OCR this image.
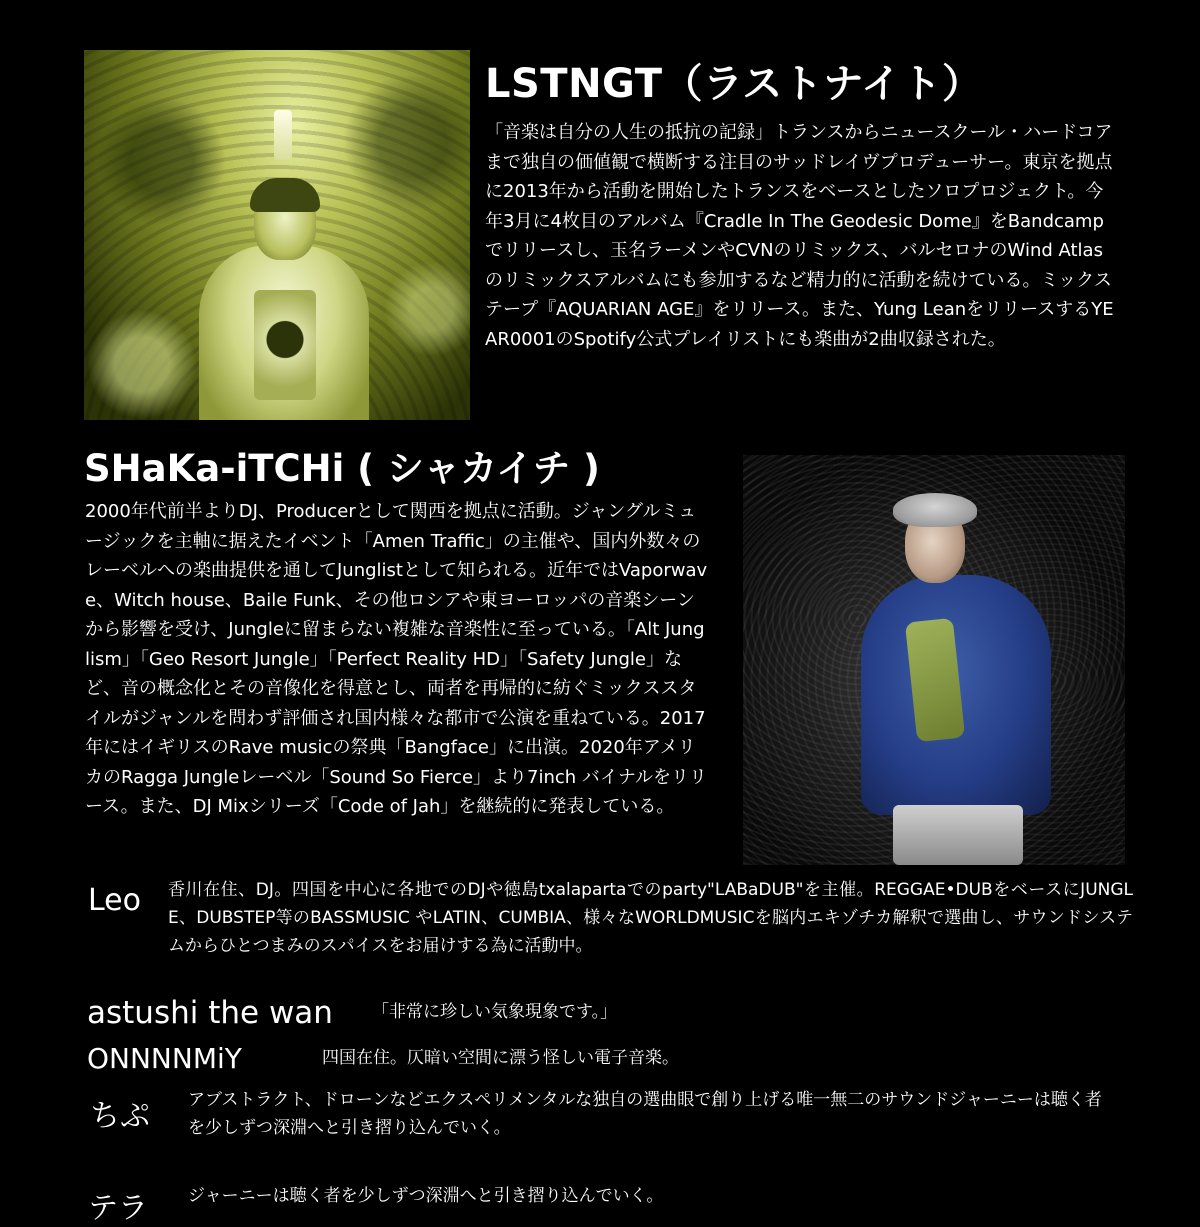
LSTNGT（ラストナイト）

「音楽は自分の人生の抵抗の記録」トランスからニュースクール・ハードコアまで独自の価値観で横断する注目のサッドレイヴプロデューサー。東京を拠点に2013年から活動を開始したトランスをベースとしたソロプロジェクト。今年3月に4枚目のアルバム『Cradle In The Geodesic Dome』をBandcampでリリースし、玉名ラーメンやCVNのリミックス、バルセロナのWind Atlasのリミックスアルバムにも参加するなど精力的に活動を続けている。ミックステープ『AQUARIAN AGE』をリリース。また、Yung LeanをリリースするYEAR0001のSpotify公式プレイリストにも楽曲が2曲収録された。

SHaKa-iTCHi ( シャカイチ )

2000年代前半よりDJ、Producerとして関西を拠点に活動。ジャングルミュージックを主軸に据えたイベント「Amen Traffic」の主催や、国内外数々のレーベルへの楽曲提供を通してJunglistとして知られる。近年ではVaporwave、Witch house、Baile Funk、その他ロシアや東ヨーロッパの音楽シーンから影響を受け、Jungleに留まらない複雑な音楽性に至っている。「Alt Junglism」「Geo Resort Jungle」「Perfect Reality HD」「Safety Jungle」など、音の概念化とその音像化を得意とし、両者を再帰的に紡ぐミックススタイルがジャンルを問わず評価され国内様々な都市で公演を重ねている。2017年にはイギリスのRave musicの祭典「Bangface」に出演。2020年アメリカのRagga Jungleレーベル「Sound So Fierce」より7inch バイナルをリリース。また、DJ Mixシリーズ「Code of Jah」を継続的に発表している。

Leo 香川在住、DJ。四国を中心に各地でのDJや徳島txalapartaでのparty"LABaDUB"を主催。REGGAE•DUBをベースにJUNGLE、DUBSTEP等のBASSMUSIC やLATIN、CUMBIA、様々なWORLDMUSICを脳内エキゾチカ解釈で選曲し、サウンドシステムからひとつまみのスパイスをお届けする為に活動中。

astushi the wan 「非常に珍しい気象現象です。」

ONNNNMiY	四国在住。仄暗い空間に漂う怪しい電子音楽。

ちぷ アブストラクト、ドローンなどエクスペリメンタルな独自の選曲眼で創り上げる唯一無二のサウンドジャーニーは聴く者を少しずつ深淵へと引き摺り込んでいく。

テラ ジャーニーは聴く者を少しずつ深淵へと引き摺り込んでいく。
